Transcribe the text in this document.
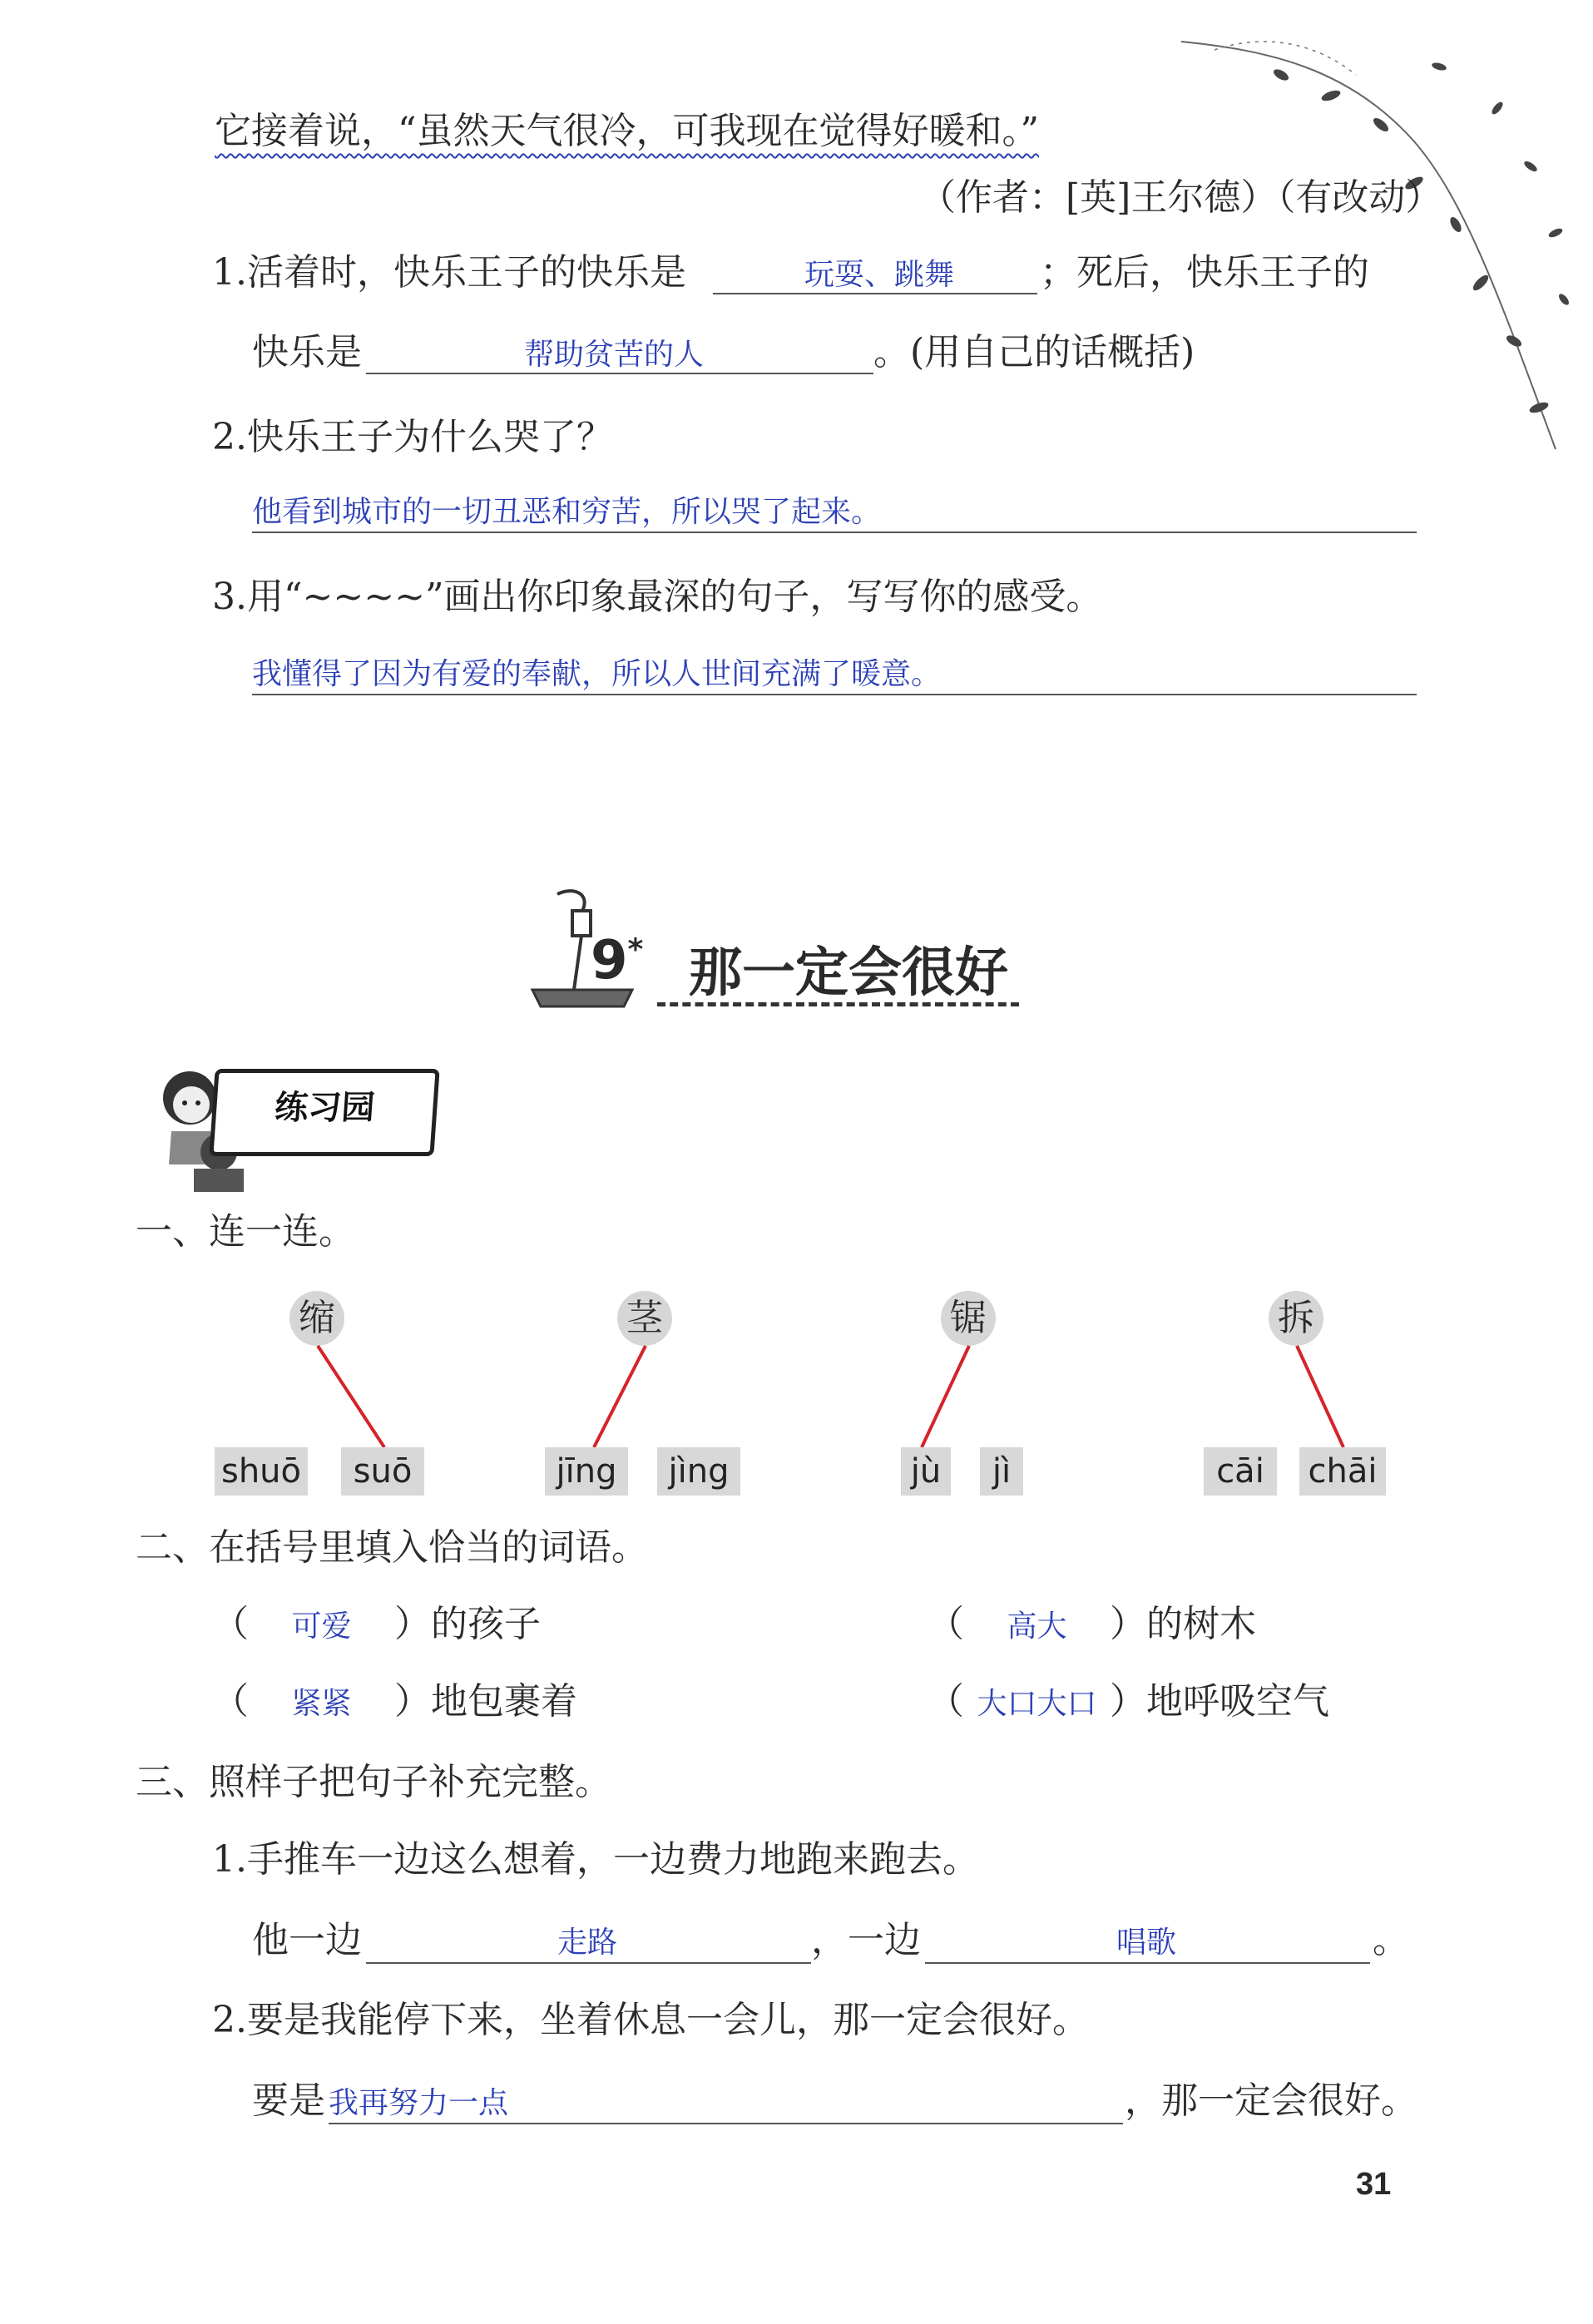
它接着说，“虽然天气很冷，可我现在觉得好暖和。”
（作者：[英]王尔德）（有改动）
1.活着时，快乐王子的快乐是	玩耍、跳舞 ；死后，快乐王子的
快乐是	帮助贫苦的人	。(用自己的话概括)
2.快乐王子为什么哭了？
他看到城市的一切丑恶和穷苦，所以哭了起来。
3.用“~~~~”画出你印象最深的句子，写写你的感受。
我懂得了因为有爱的奉献，所以人世间充满了暖意。
9* 那一定会很好
练习园
一、连一连。
缩	茎	锯	拆
shuō	suō	jīng	jìng	jù	jì	cāi	chāi
二、在括号里填入恰当的词语。
（ 可爱 ）的孩子	（ 高大 ）的树木
（ 紧紧 ）地包裹着	（ 大口大口 ）地呼吸空气
三、照样子把句子补充完整。
1.手推车一边这么想着，一边费力地跑来跑去。
他一边	走路	，一边	唱歌	。
2.要是我能停下来，坐着休息一会儿，那一定会很好。
要是 我再努力一点	，那一定会很好。
31
